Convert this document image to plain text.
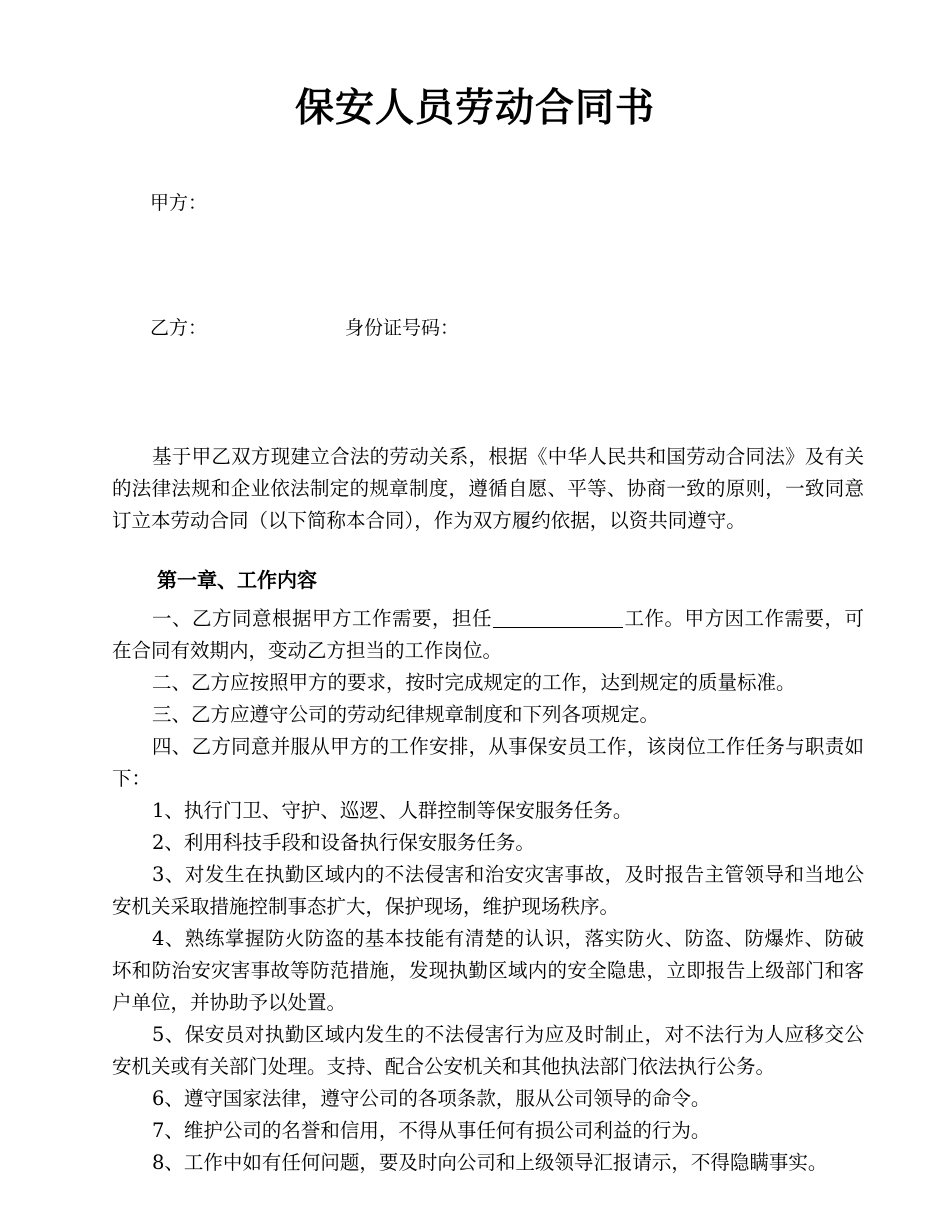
保安人员劳动合同书
甲方：
乙方：	身份证号码：
基于甲乙双方现建立合法的劳动关系，根据《中华人民共和国劳动合同法》及有关的法律法规和企业依法制定的规章制度，遵循自愿、平等、协商一致的原则，一致同意订立本劳动合同（以下简称本合同），作为双方履约依据，以资共同遵守。
第一章、工作内容

一、乙方同意根据甲方工作需要，担任	工作。甲方因工作需要，可在合同有效期内，变动乙方担当的工作岗位。

二、乙方应按照甲方的要求，按时完成规定的工作，达到规定的质量标准。

三、乙方应遵守公司的劳动纪律规章制度和下列各项规定。

四、乙方同意并服从甲方的工作安排，从事保安员工作，该岗位工作任务与职责如下：

1、执行门卫、守护、巡逻、人群控制等保安服务任务。

2、利用科技手段和设备执行保安服务任务。

3、对发生在执勤区域内的不法侵害和治安灾害事故，及时报告主管领导和当地公安机关采取措施控制事态扩大，保护现场，维护现场秩序。

4、熟练掌握防火防盗的基本技能有清楚的认识，落实防火、防盗、防爆炸、防破坏和防治安灾害事故等防范措施，发现执勤区域内的安全隐患，立即报告上级部门和客户单位，并协助予以处置。

5、保安员对执勤区域内发生的不法侵害行为应及时制止，对不法行为人应移交公安机关或有关部门处理。支持、配合公安机关和其他执法部门依法执行公务。

6、遵守国家法律，遵守公司的各项条款，服从公司领导的命令。

7、维护公司的名誉和信用，不得从事任何有损公司利益的行为。

8、工作中如有任何问题，要及时向公司和上级领导汇报请示，不得隐瞒事实。
